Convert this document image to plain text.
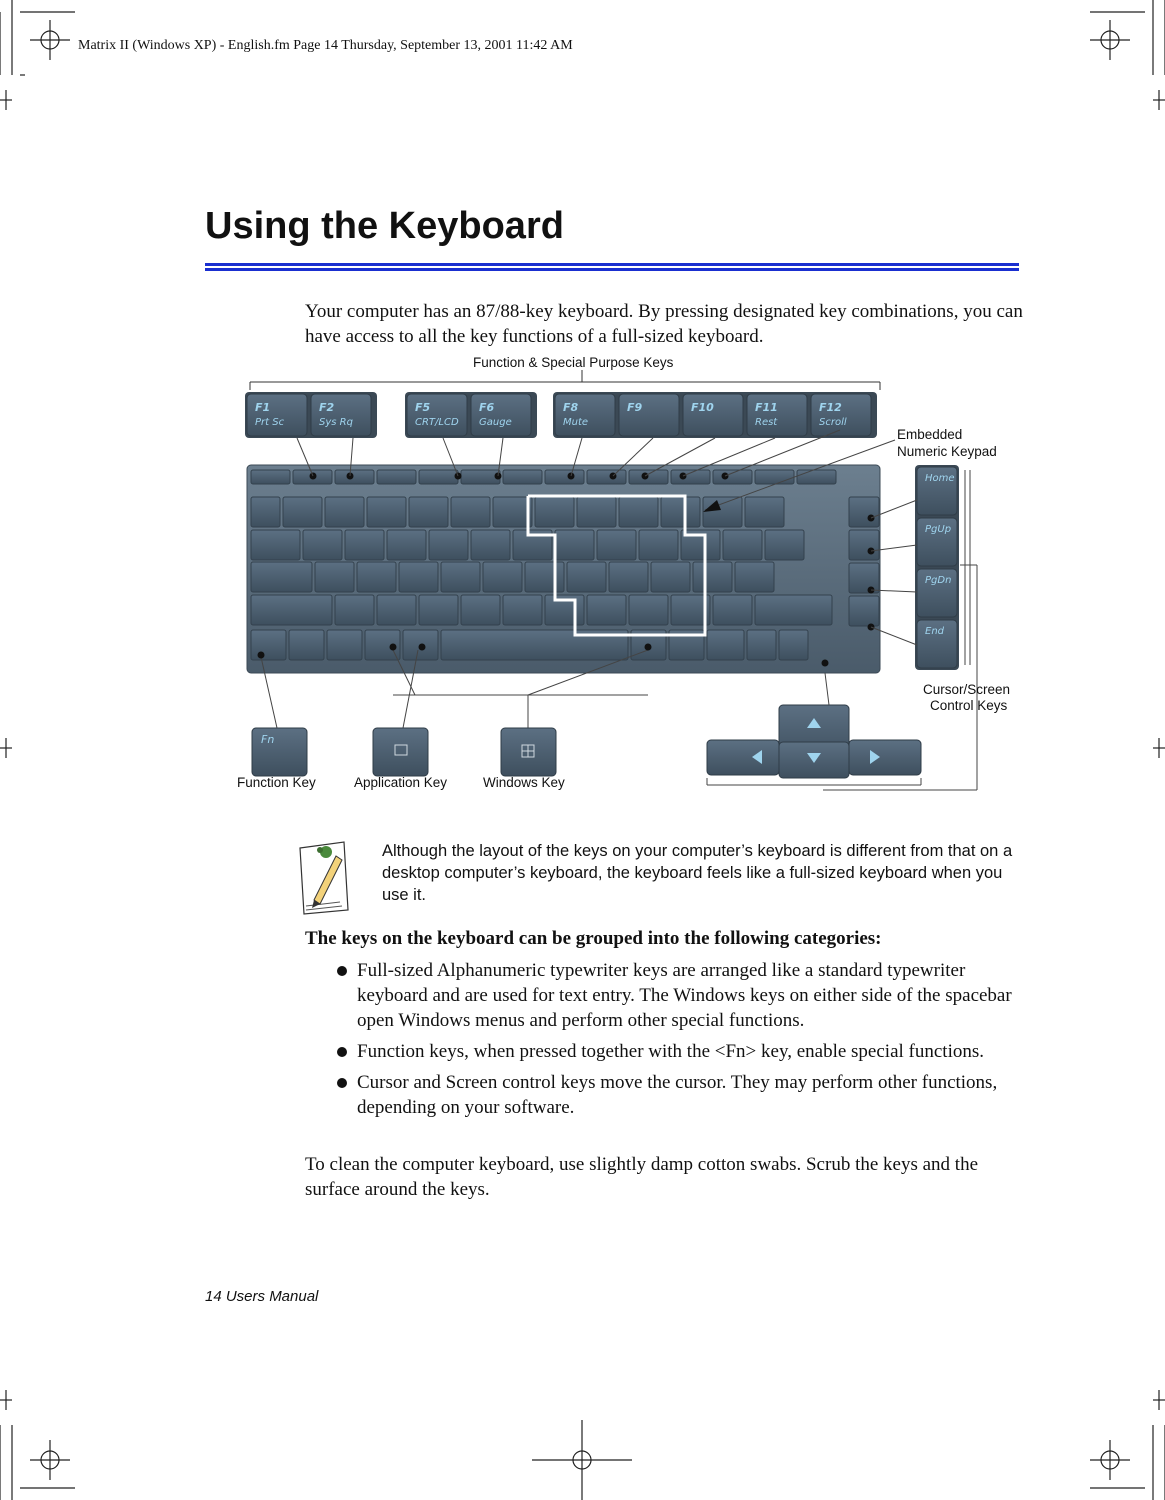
Matrix II (Windows XP) - English.fm Page 14 Thursday, September 13, 2001 11:42 AM
Using the Keyboard
Your computer has an 87/88-key keyboard. By pressing designated key combinations, you can have access to all the key functions of a full-sized keyboard.
F1
Prt Sc
F2
Sys Rq
F5
CRT/LCD
F6
Gauge
F8
Mute
F9	F10	F11
Rest
F12
Scroll
Home
PgUp
PgDn
End
Fn
Function & Special Purpose Keys
Embedded
Numeric Keypad
Cursor/Screen
Control Keys
Function Key	Application Key	Windows Key
Although the layout of the keys on your computer’s keyboard is different from that on a desktop computer’s keyboard, the keyboard feels like a full-sized keyboard when you use it.
The keys on the keyboard can be grouped into the following categories:
Full-sized Alphanumeric typewriter keys are arranged like a standard typewriter keyboard and are used for text entry. The Windows keys on either side of the spacebar open Windows menus and perform other special functions.
Function keys, when pressed together with the <Fn> key, enable special functions.
Cursor and Screen control keys move the cursor. They may perform other functions, depending on your software.
To clean the computer keyboard, use slightly damp cotton swabs. Scrub the keys and the surface around the keys.
14 Users Manual
